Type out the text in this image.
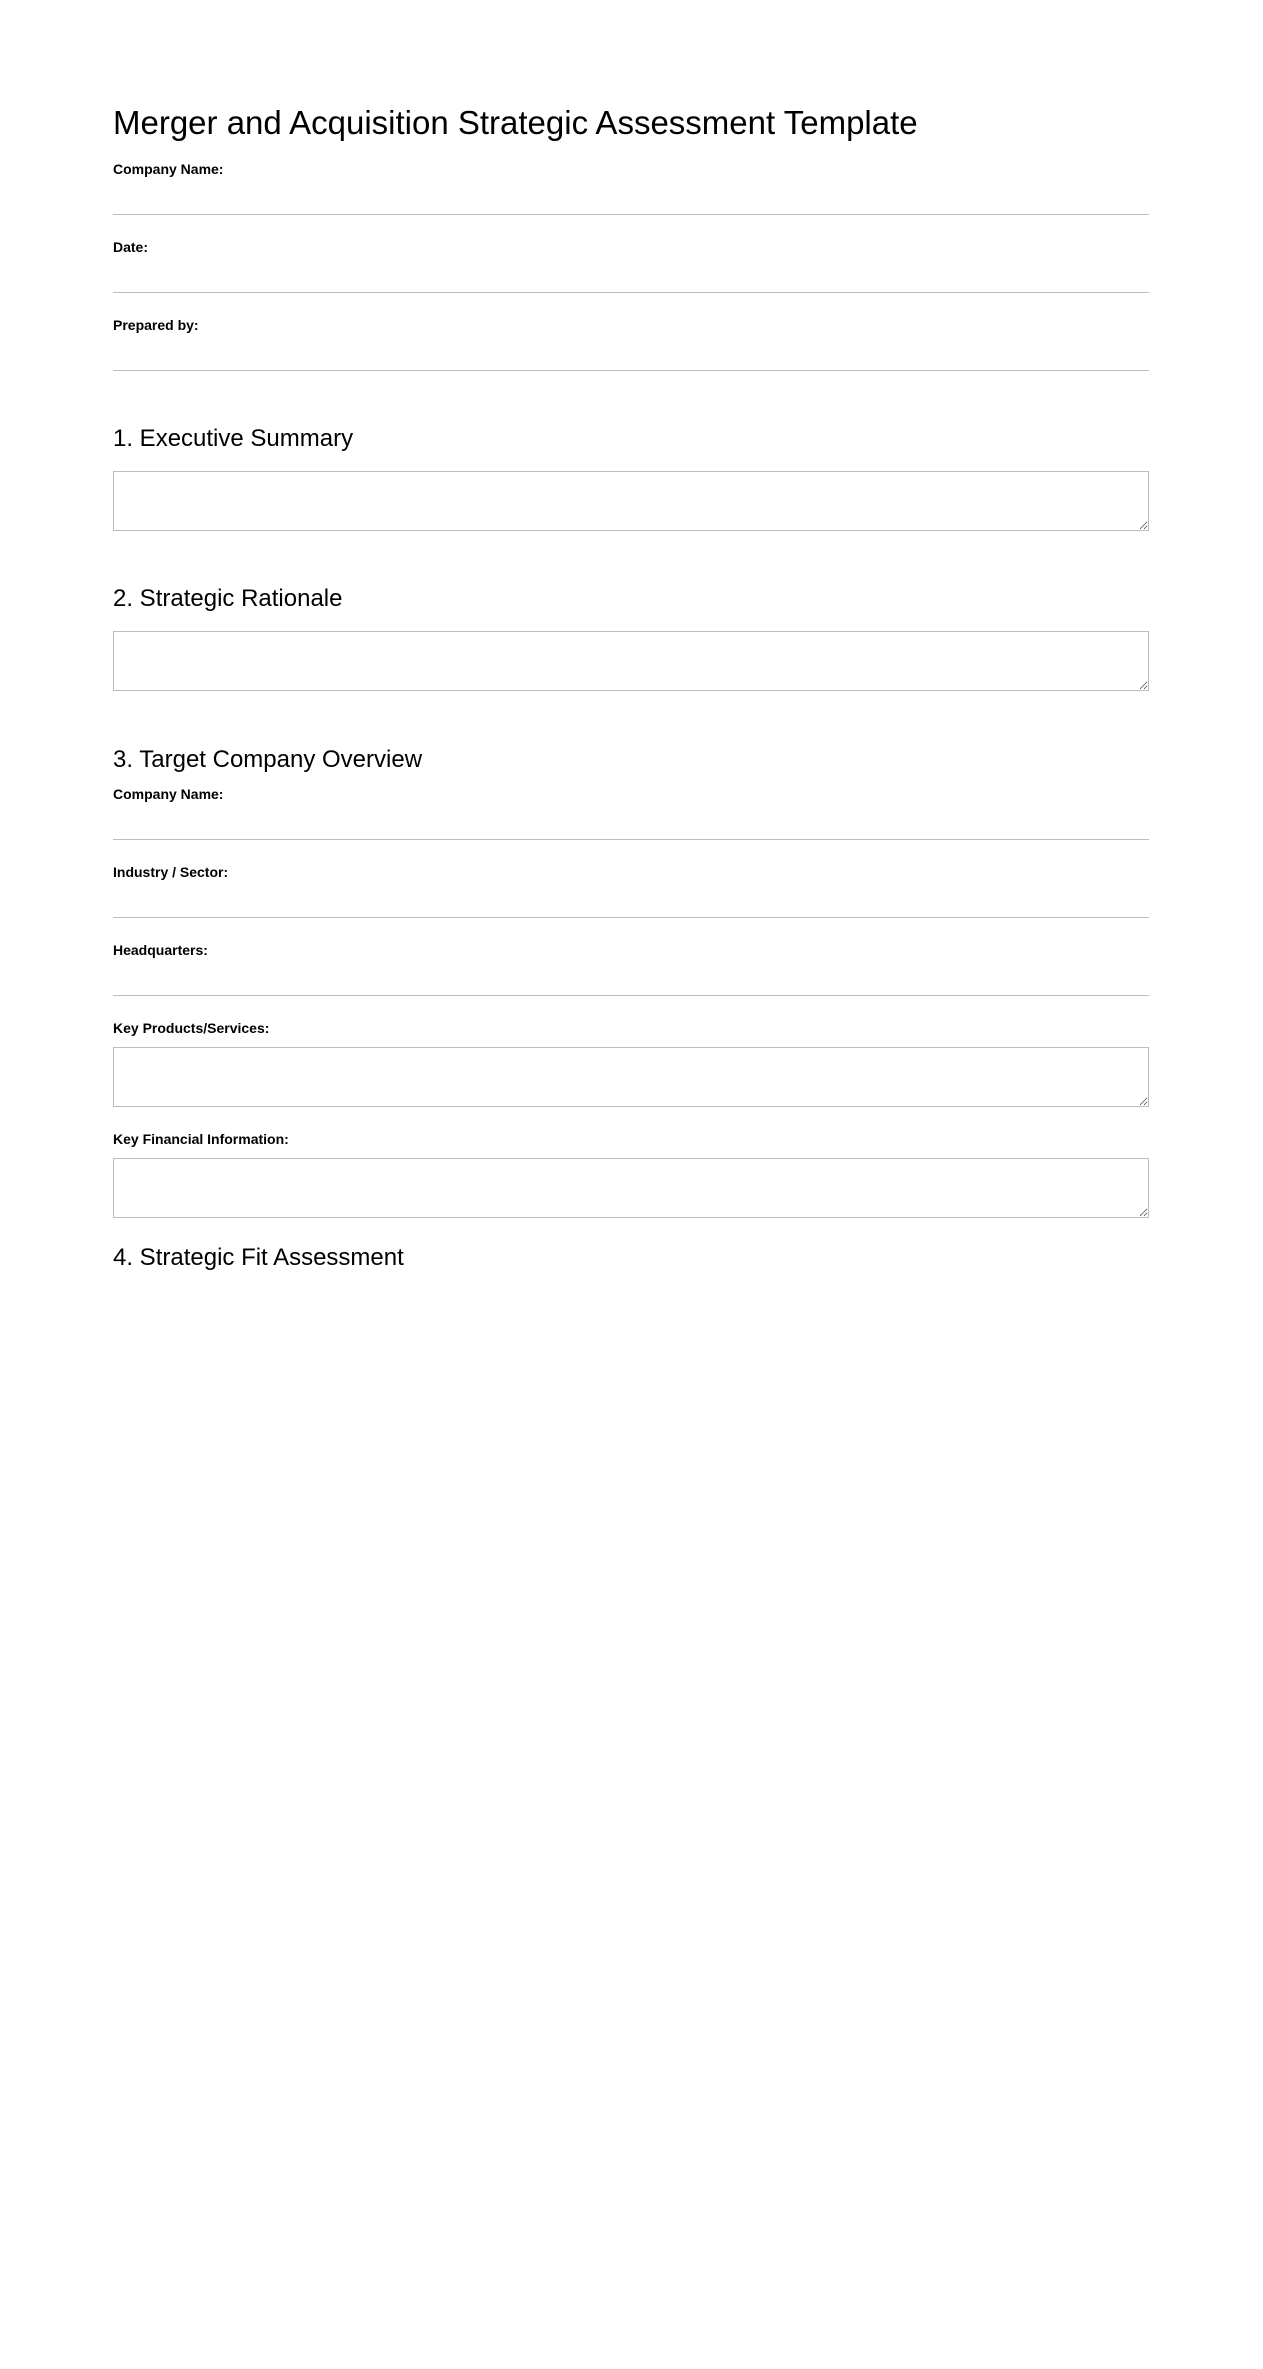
Merger and Acquisition Strategic Assessment Template
Company Name:
Date:
Prepared by:
1. Executive Summary
2. Strategic Rationale
3. Target Company Overview
Company Name:
Industry / Sector:
Headquarters:
Key Products/Services:
Key Financial Information:
4. Strategic Fit Assessment
